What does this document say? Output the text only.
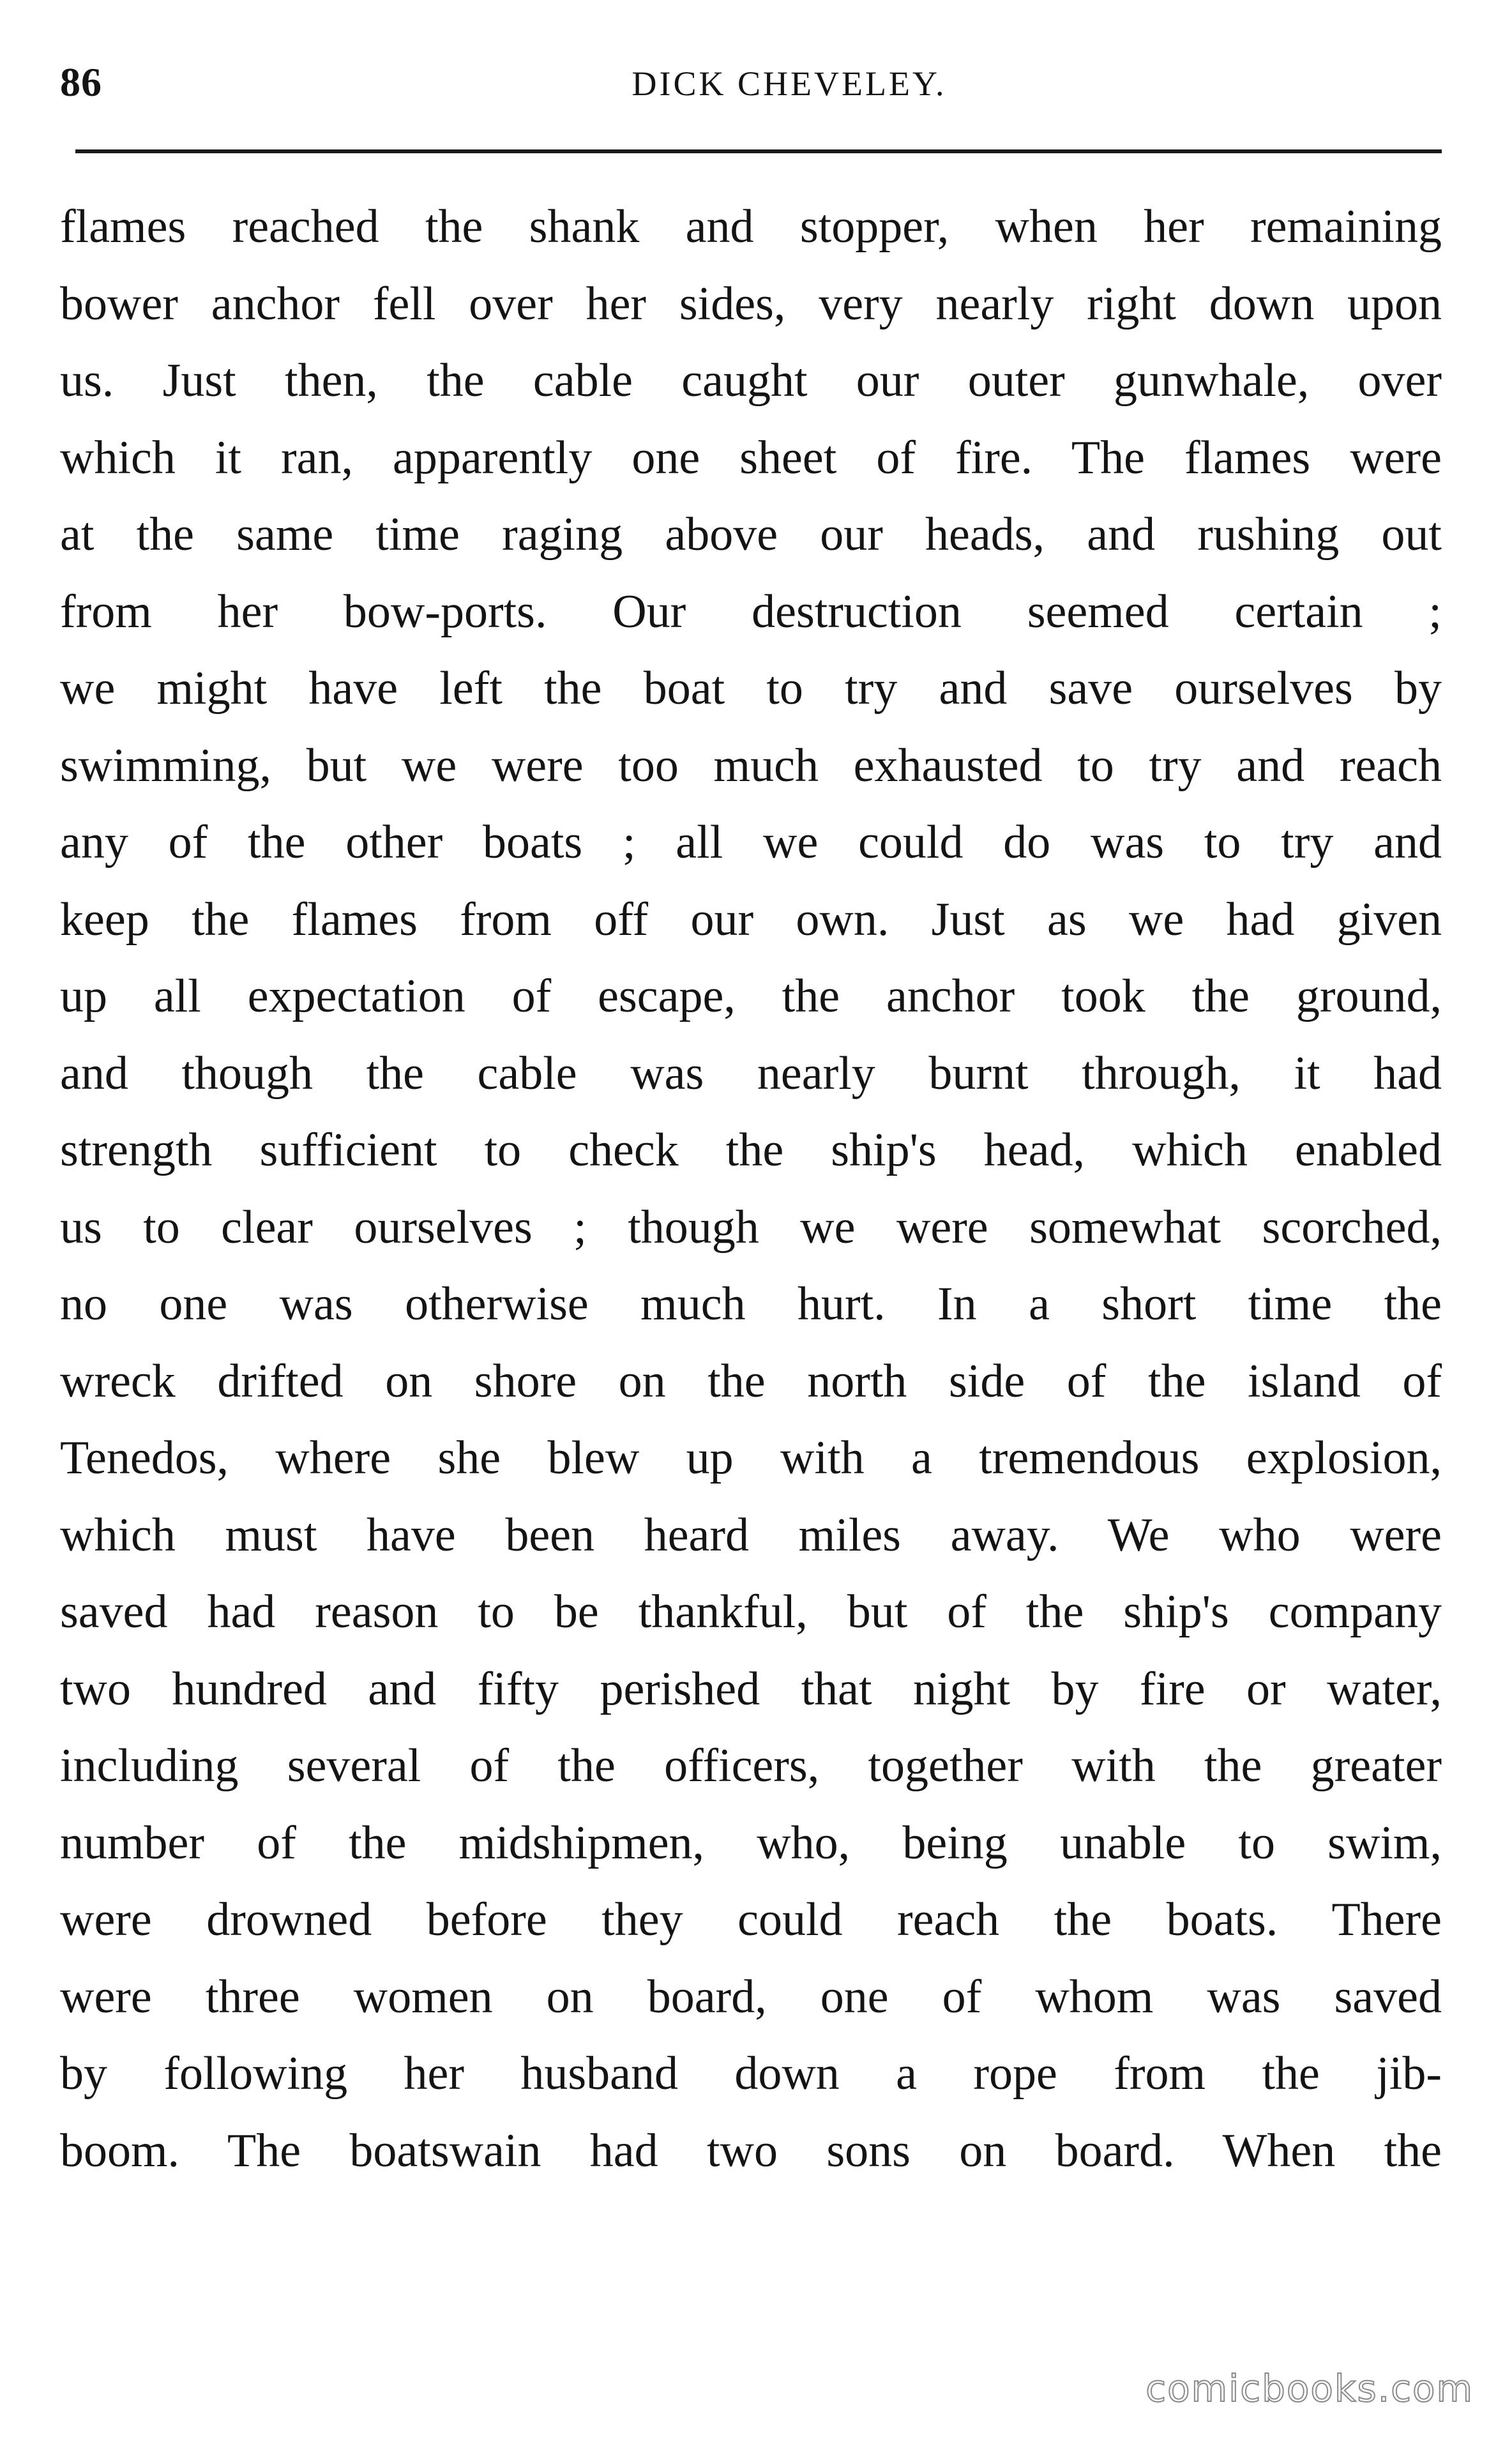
86	DICK CHEVELEY.
flames reached the shank and stopper, when her remaining
bower anchor fell over her sides, very nearly right down upon
us. Just then, the cable caught our outer gunwhale, over
which it ran, apparently one sheet of fire. The flames were
at the same time raging above our heads, and rushing out
from her bow-ports. Our destruction seemed certain ;
we might have left the boat to try and save ourselves by
swimming, but we were too much exhausted to try and reach
any of the other boats ; all we could do was to try and
keep the flames from off our own. Just as we had given
up all expectation of escape, the anchor took the ground,
and though the cable was nearly burnt through, it had
strength sufficient to check the ship's head, which enabled
us to clear ourselves ; though we were somewhat scorched,
no one was otherwise much hurt. In a short time the
wreck drifted on shore on the north side of the island of
Tenedos, where she blew up with a tremendous explosion,
which must have been heard miles away. We who were
saved had reason to be thankful, but of the ship's company
two hundred and fifty perished that night by fire or water,
including several of the officers, together with the greater
number of the midshipmen, who, being unable to swim,
were drowned before they could reach the boats. There
were three women on board, one of whom was saved
by following her husband down a rope from the jib-
boom. The boatswain had two sons on board. When the
comicbooks.com
